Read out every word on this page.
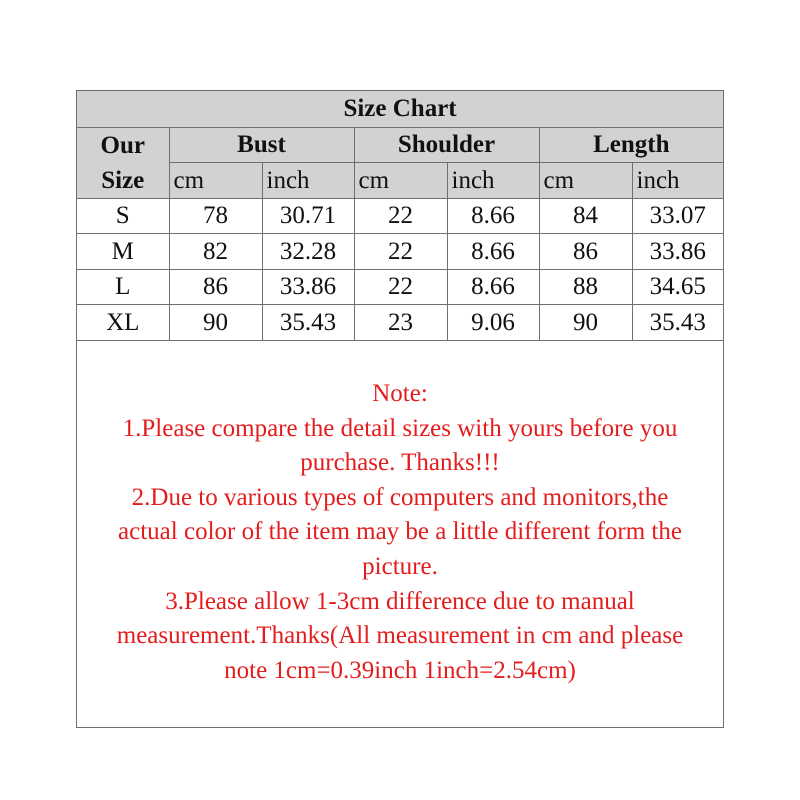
Size Chart						
Our
Size	Bust		Shoulder		Length	
	cm	inch	cm	inch	cm	inch
S	78	30.71	22	8.66	84	33.07
M	82	32.28	22	8.66	86	33.86
L	86	33.86	22	8.66	88	34.65
XL	90	35.43	23	9.06	90	35.43
Note:
1.Please compare the detail sizes with yours before you
purchase. Thanks!!!
2.Due to various types of computers and monitors,the
actual color of the item may be a little different form the
picture.
3.Please allow 1-3cm difference due to manual
measurement.Thanks(All measurement in cm and please
note 1cm=0.39inch 1inch=2.54cm)
